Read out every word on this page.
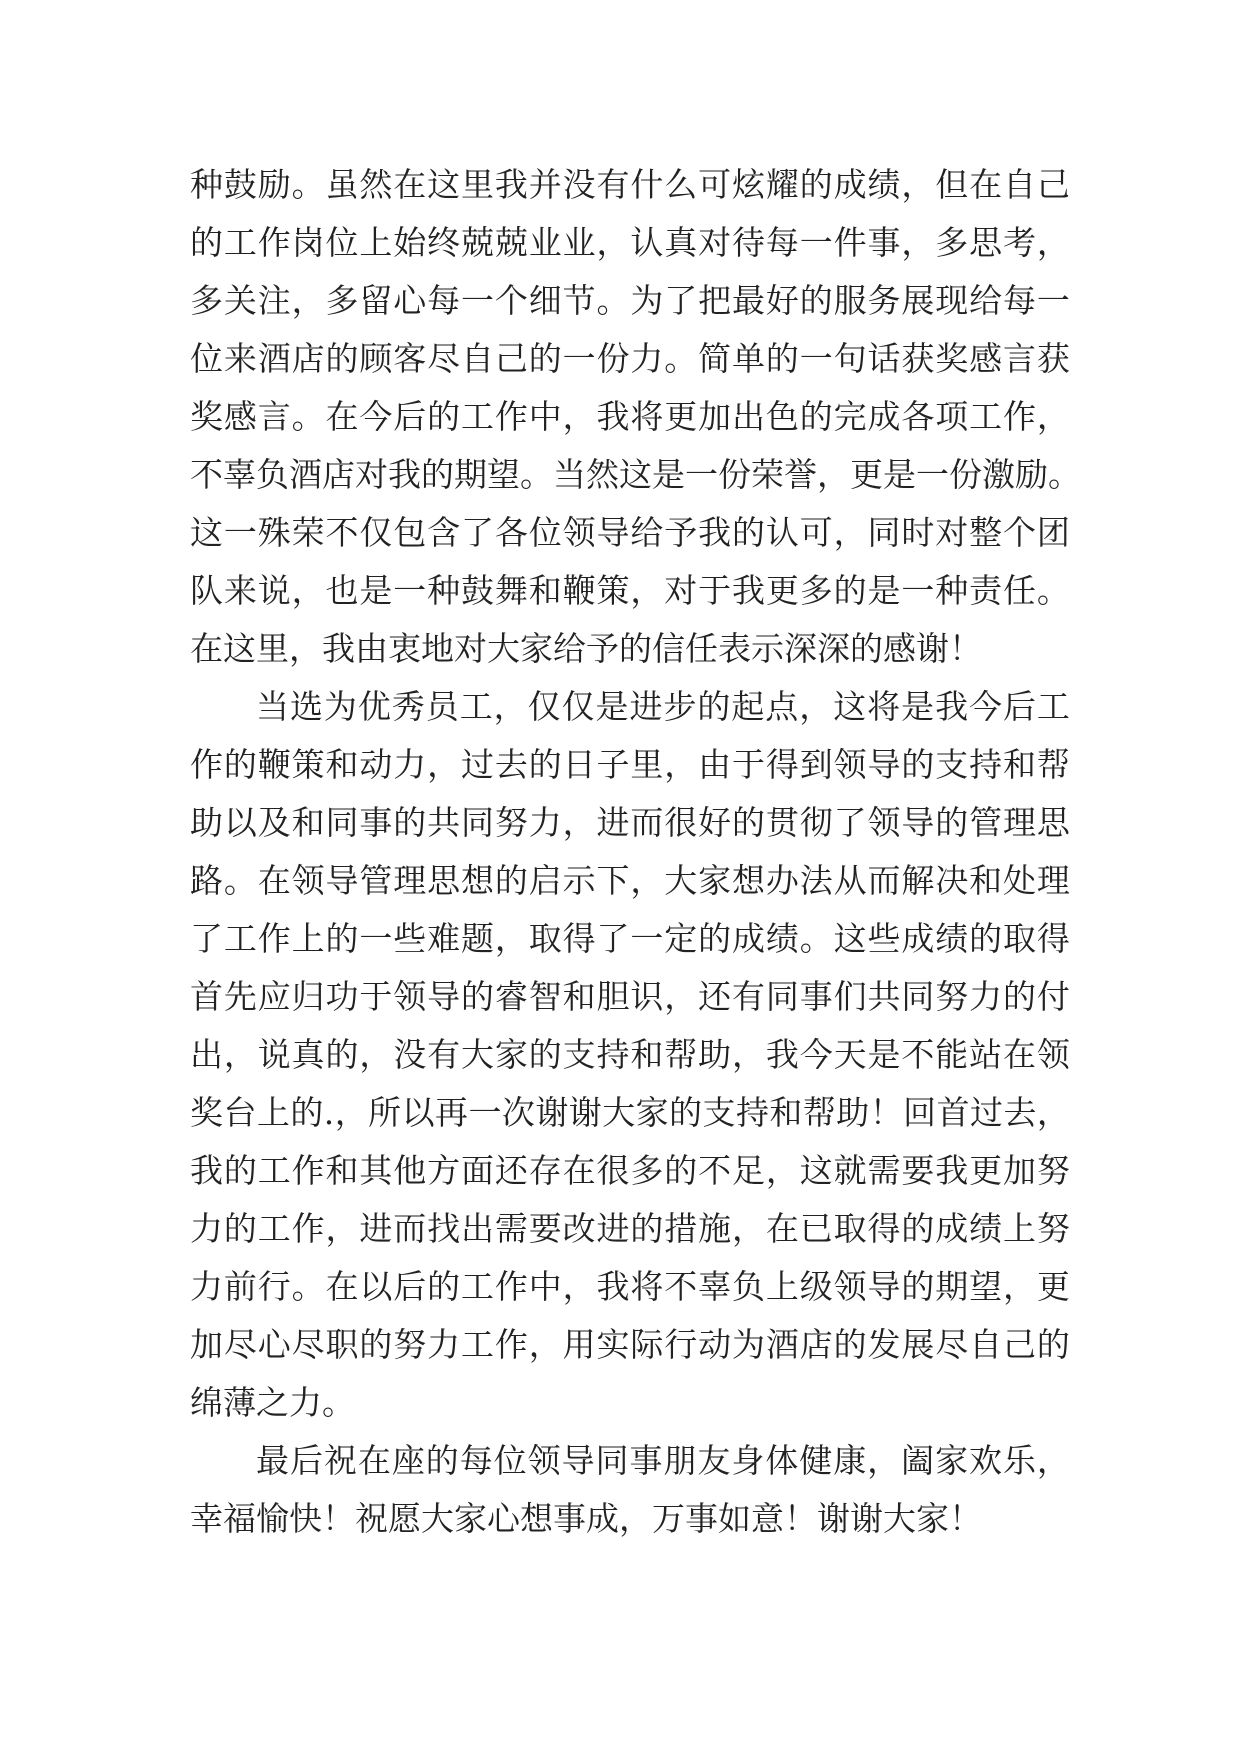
种 鼓 励 。 虽 然 在 这 里 我 并 没 有 什 么 可 炫 耀 的 成 绩 ， 但 在 自 己
的 工 作 岗 位 上 始 终 兢 兢 业 业 ， 认 真 对 待 每 一 件 事 ， 多 思 考 ，
多 关 注 ， 多 留 心 每 一 个 细 节 。 为 了 把 最 好 的 服 务 展 现 给 每 一
位 来 酒 店 的 顾 客 尽 自 己 的 一 份 力 。 简 单 的 一 句 话 获 奖 感 言 获
奖 感 言 。 在 今 后 的 工 作 中 ， 我 将 更 加 出 色 的 完 成 各 项 工 作 ，
不 辜 负 酒 店 对 我 的 期 望 。 当 然 这 是 一 份 荣 誉 ， 更 是 一 份 激 励 。
这 一 殊 荣 不 仅 包 含 了 各 位 领 导 给 予 我 的 认 可 ， 同 时 对 整 个 团
队 来 说 ， 也 是 一 种 鼓 舞 和 鞭 策 ， 对 于 我 更 多 的 是 一 种 责 任 。
在这里，我由衷地对大家给予的信任表示深深的感谢！
当 选 为 优 秀 员 工 ， 仅 仅 是 进 步 的 起 点 ， 这 将 是 我 今 后 工
作 的 鞭 策 和 动 力 ， 过 去 的 日 子 里 ， 由 于 得 到 领 导 的 支 持 和 帮
助 以 及 和 同 事 的 共 同 努 力 ， 进 而 很 好 的 贯 彻 了 领 导 的 管 理 思
路 。 在 领 导 管 理 思 想 的 启 示 下 ， 大 家 想 办 法 从 而 解 决 和 处 理
了 工 作 上 的 一 些 难 题 ， 取 得 了 一 定 的 成 绩 。 这 些 成 绩 的 取 得
首 先 应 归 功 于 领 导 的 睿 智 和 胆 识 ， 还 有 同 事 们 共 同 努 力 的 付
出 ， 说 真 的 ， 没 有 大 家 的 支 持 和 帮 助 ， 我 今 天 是 不 能 站 在 领
奖 台 上 的 . ， 所 以 再 一 次 谢 谢 大 家 的 支 持 和 帮 助 ！ 回 首 过 去 ，
我 的 工 作 和 其 他 方 面 还 存 在 很 多 的 不 足 ， 这 就 需 要 我 更 加 努
力 的 工 作 ， 进 而 找 出 需 要 改 进 的 措 施 ， 在 已 取 得 的 成 绩 上 努
力 前 行 。 在 以 后 的 工 作 中 ， 我 将 不 辜 负 上 级 领 导 的 期 望 ， 更
加 尽 心 尽 职 的 努 力 工 作 ， 用 实 际 行 动 为 酒 店 的 发 展 尽 自 己 的
绵薄之力。
最 后 祝 在 座 的 每 位 领 导 同 事 朋 友 身 体 健 康 ， 阖 家 欢 乐 ，
幸福愉快！祝愿大家心想事成，万事如意！谢谢大家！
